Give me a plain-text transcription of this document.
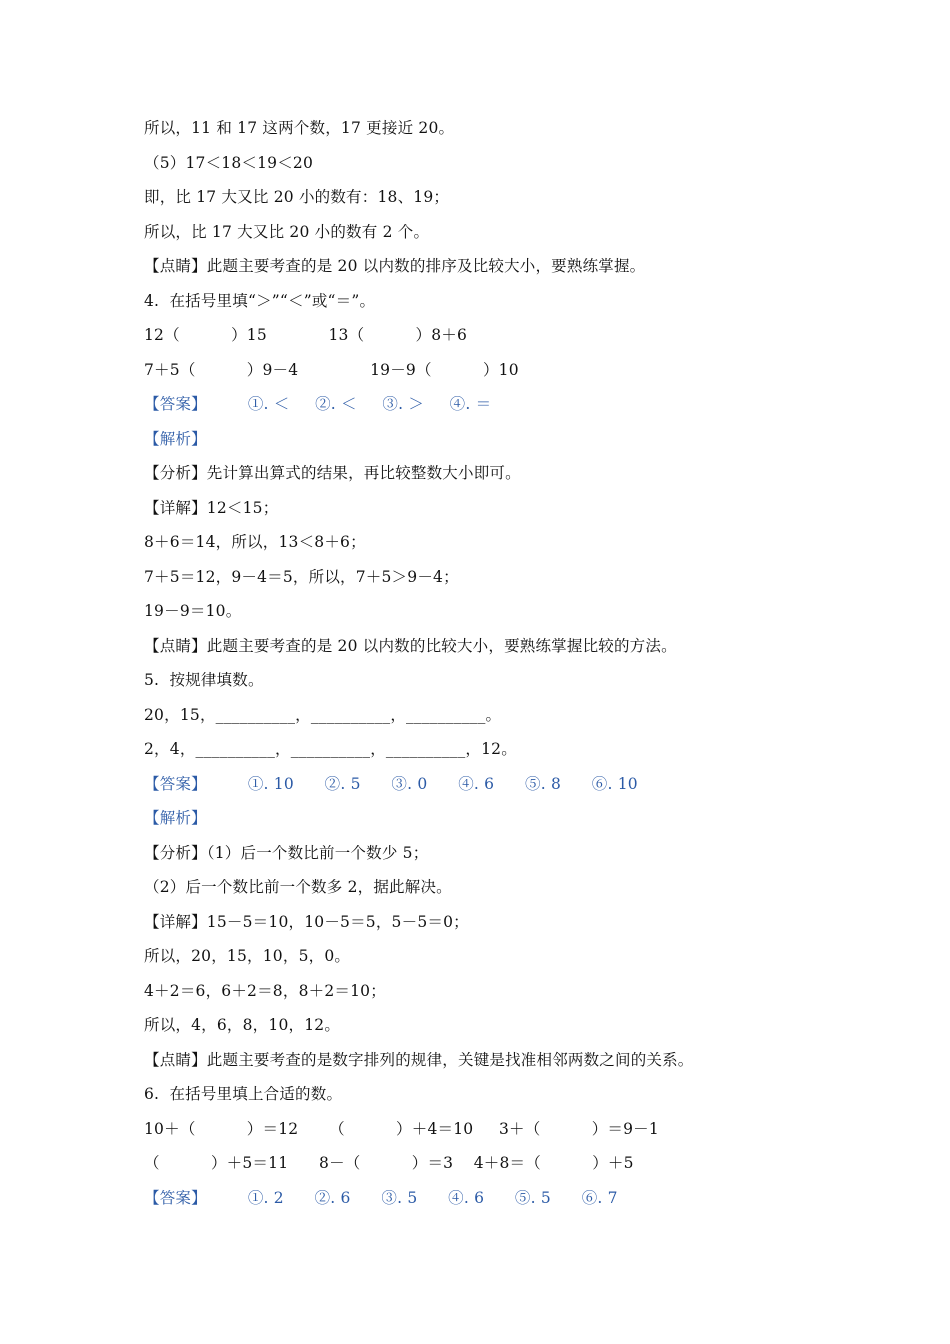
所以，11 和 17 这两个数，17 更接近 20。
（5）17＜18＜19＜20
即，比 17 大又比 20 小的数有：18、19；
所以，比 17 大又比 20 小的数有 2 个。
【点睛】此题主要考查的是 20 以内数的排序及比较大小，要熟练掌握。
4.  在括号里填“＞”“＜”或“＝”。
12（          ）15            13（          ）8＋6
7＋5（          ）9－4              19－9（          ）10
【答案】        ①. ＜     ②. ＜     ③. ＞     ④. ＝
【解析】
【分析】先计算出算式的结果，再比较整数大小即可。
【详解】12＜15；
8＋6＝14，所以，13＜8＋6；
7＋5＝12，9－4＝5，所以，7＋5＞9－4；
19－9＝10。
【点睛】此题主要考查的是 20 以内数的比较大小，要熟练掌握比较的方法。
5.  按规律填数。
20，15，__________，__________，__________。
2，4，__________，__________，__________，12。
【答案】        ①. 10      ②. 5      ③. 0      ④. 6      ⑤. 8      ⑥. 10
【解析】
【分析】（1）后一个数比前一个数少 5；
（2）后一个数比前一个数多 2，据此解决。
【详解】15－5＝10，10－5＝5，5－5＝0；
所以，20，15，10，5，0。
4＋2＝6，6＋2＝8，8＋2＝10；
所以，4，6，8，10，12。
【点睛】此题主要考查的是数字排列的规律，关键是找准相邻两数之间的关系。
6.  在括号里填上合适的数。
10＋（          ）＝12      （          ）＋4＝10     3＋（          ）＝9－1
（          ）＋5＝11      8－（          ）＝3    4＋8＝（          ）＋5
【答案】        ①. 2      ②. 6      ③. 5      ④. 6      ⑤. 5      ⑥. 7
